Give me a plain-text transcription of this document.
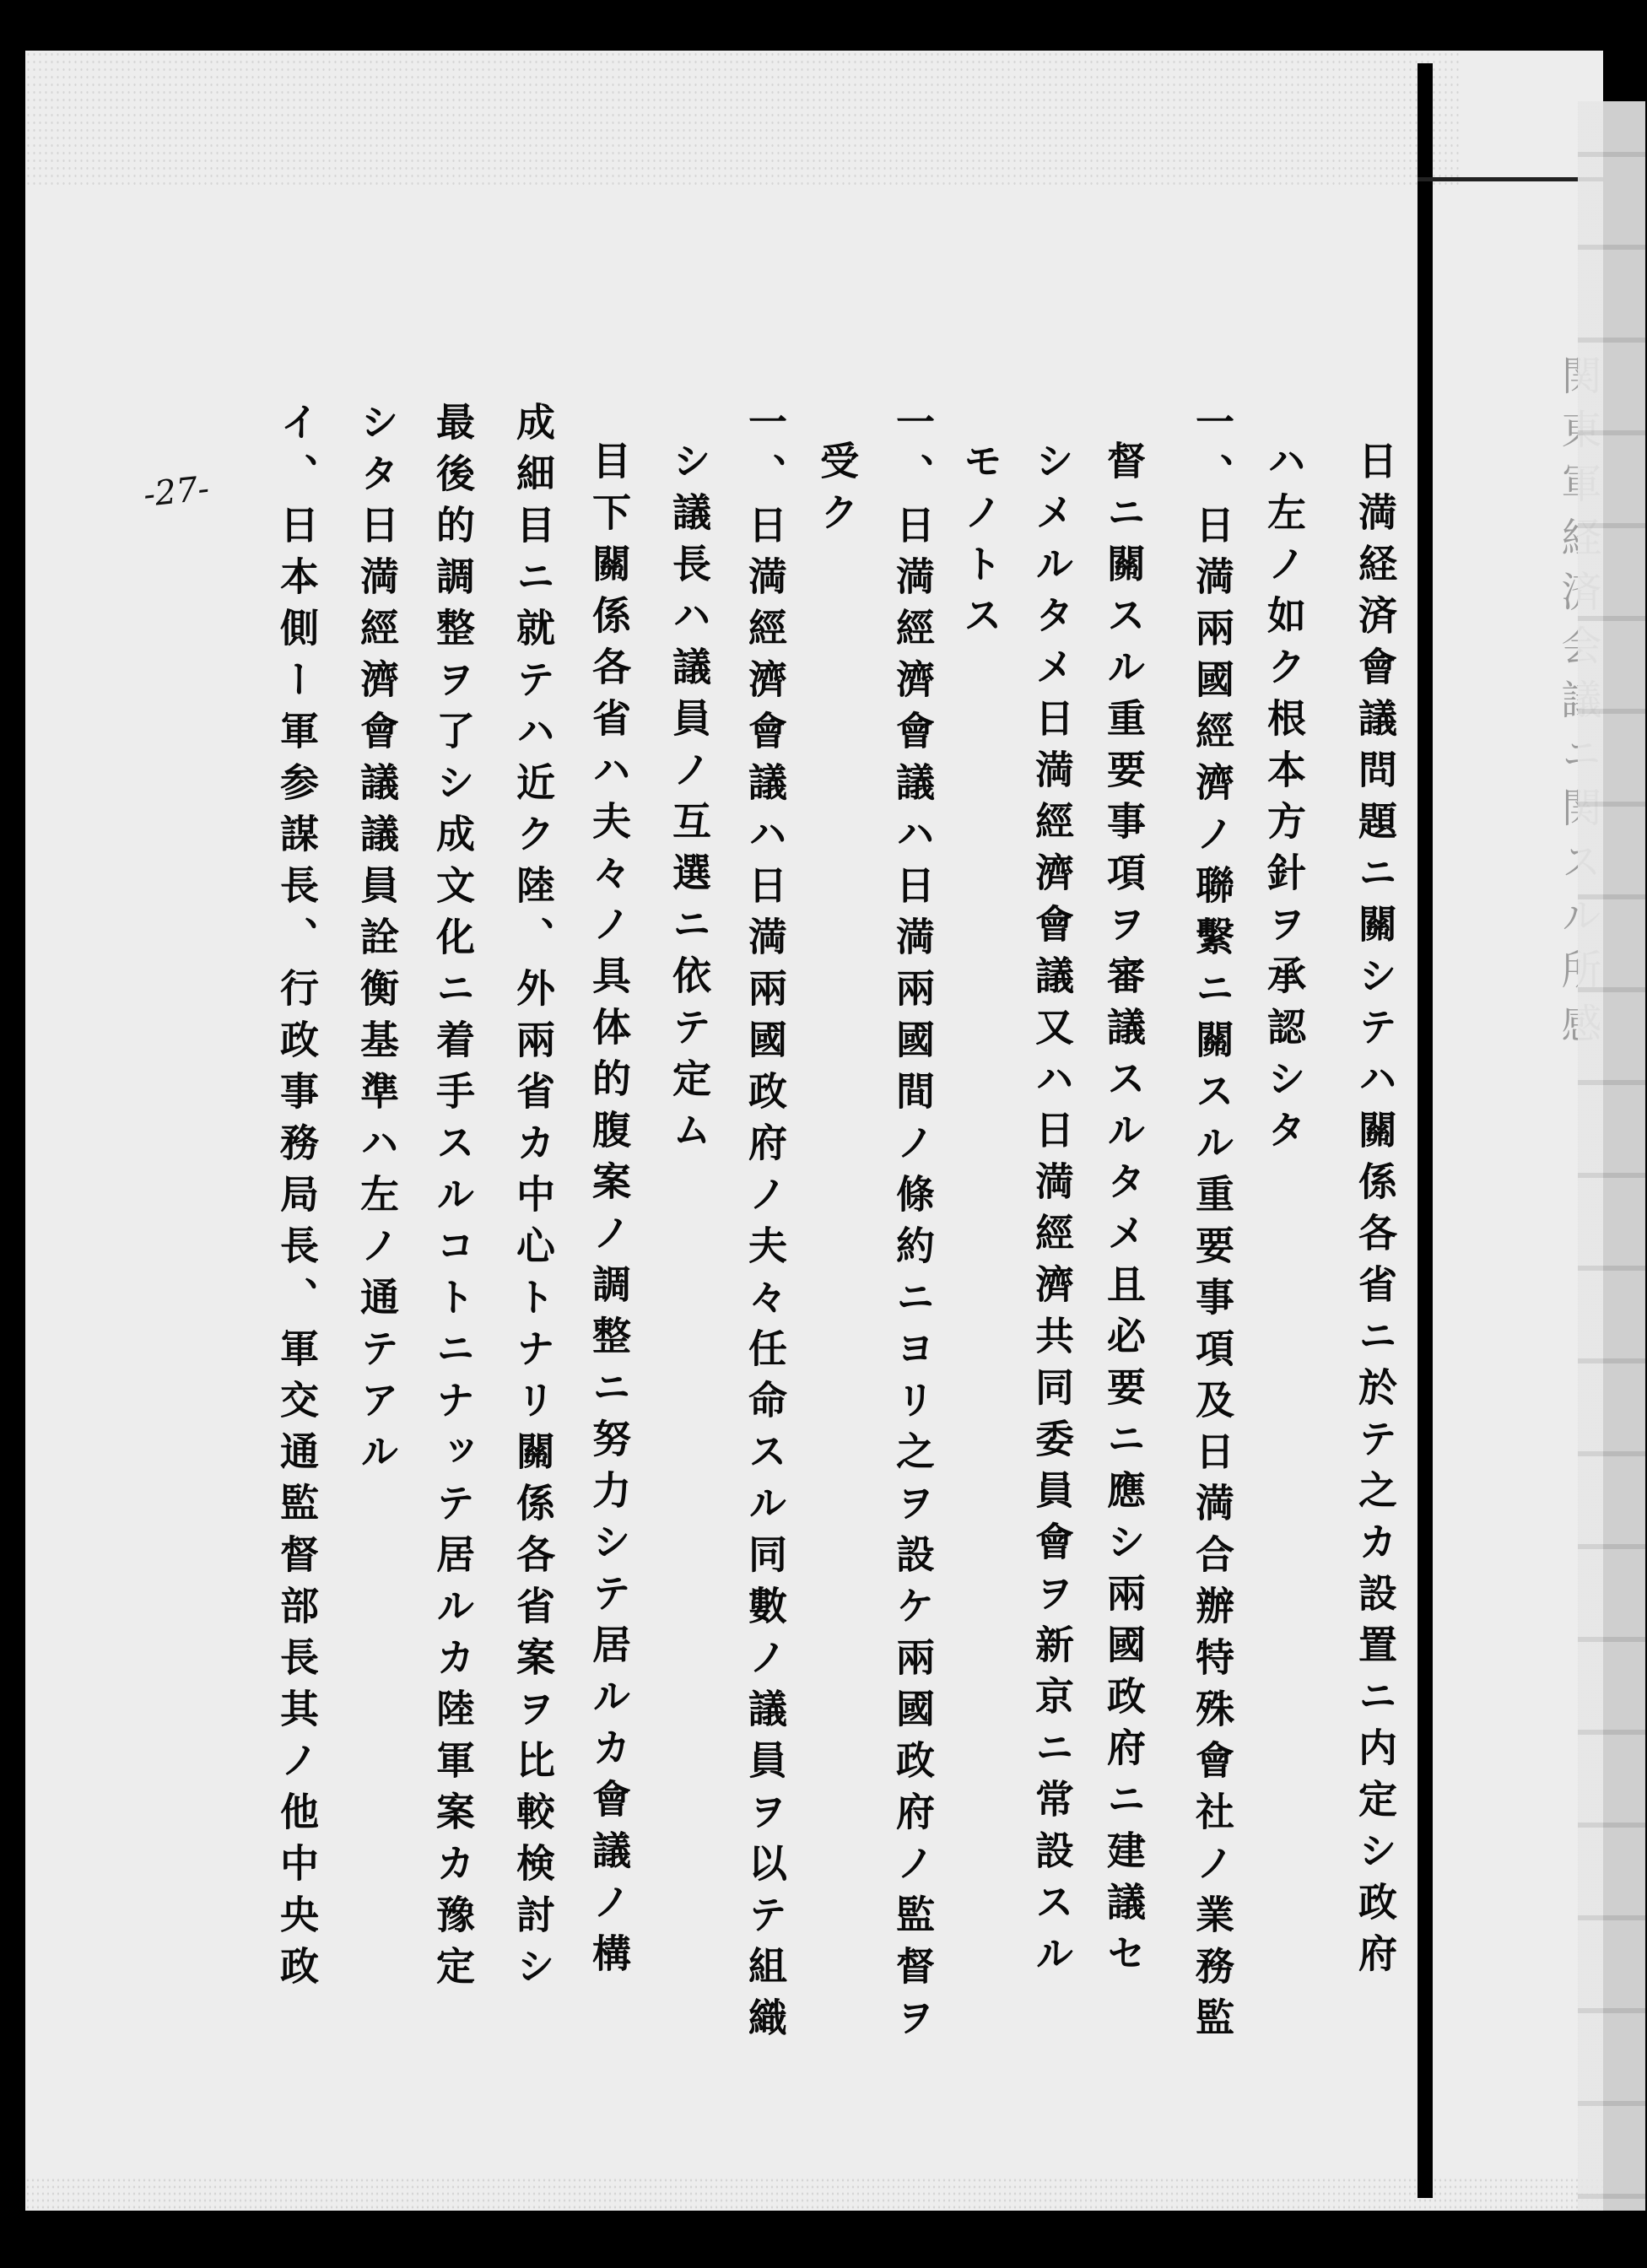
-27-	日満経済會議問題ニ關シテハ關係各省ニ於テ之カ設置ニ内定シ政府
ハ左ノ如ク根本方針ヲ承認シタ
一、日満兩國經濟ノ聯繫ニ關スル重要事項及日満合辦特殊會社ノ業務監
督ニ關スル重要事項ヲ審議スルタメ且必要ニ應シ兩國政府ニ建議セ
シメルタメ日満經濟會議又ハ日満經濟共同委員會ヲ新京ニ常設スル
モノトス
一、日満經濟會議ハ日満兩國間ノ條約ニヨリ之ヲ設ケ兩國政府ノ監督ヲ
受ク
一、日満經濟會議ハ日満兩國政府ノ夫々任命スル同數ノ議員ヲ以テ組織
シ議長ハ議員ノ互選ニ依テ定ム
目下關係各省ハ夫々ノ具体的腹案ノ調整ニ努力シテ居ルカ會議ノ構
成細目ニ就テハ近ク陸、外兩省カ中心トナリ關係各省案ヲ比較検討シ
最後的調整ヲ了シ成文化ニ着手スルコトニナッテ居ルカ陸軍案カ豫定
シタ日満經濟會議議員詮衡基準ハ左ノ通テアル
イ、日本側ー軍参謀長、行政事務局長、軍交通監督部長其ノ他中央政
